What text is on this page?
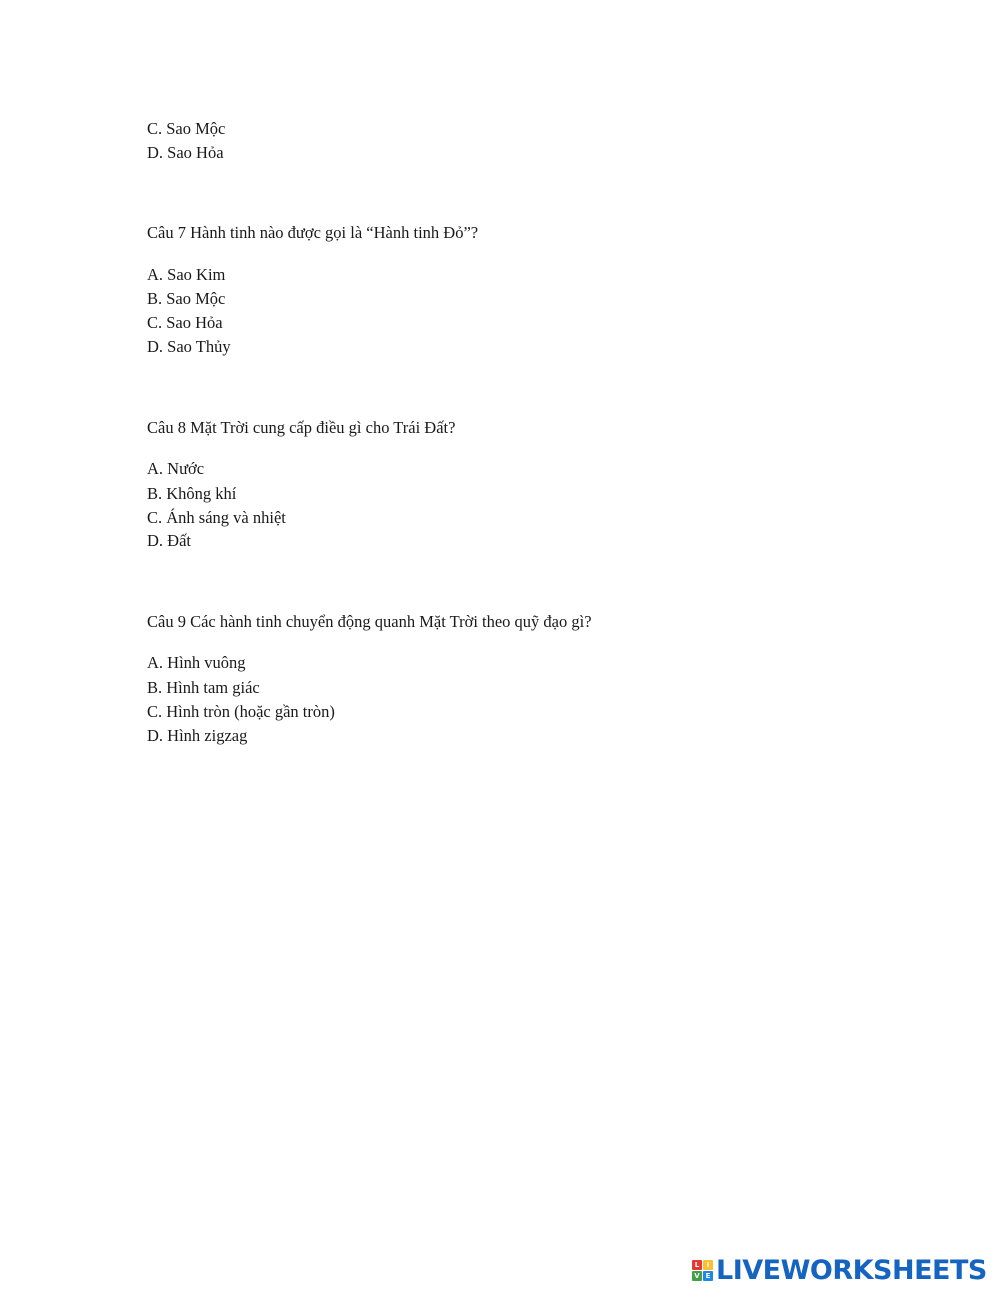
C. Sao Mộc
D. Sao Hỏa
Câu 7 Hành tinh nào được gọi là “Hành tinh Đỏ”?
A. Sao Kim
B. Sao Mộc
C. Sao Hỏa
D. Sao Thủy
Câu 8 Mặt Trời cung cấp điều gì cho Trái Đất?
A. Nước
B. Không khí
C. Ánh sáng và nhiệt
D. Đất
Câu 9 Các hành tinh chuyển động quanh Mặt Trời theo quỹ đạo gì?
A. Hình vuông
B. Hình tam giác
C. Hình tròn (hoặc gần tròn)
D. Hình zigzag
L	I
V E LIVEWORKSHEETS
